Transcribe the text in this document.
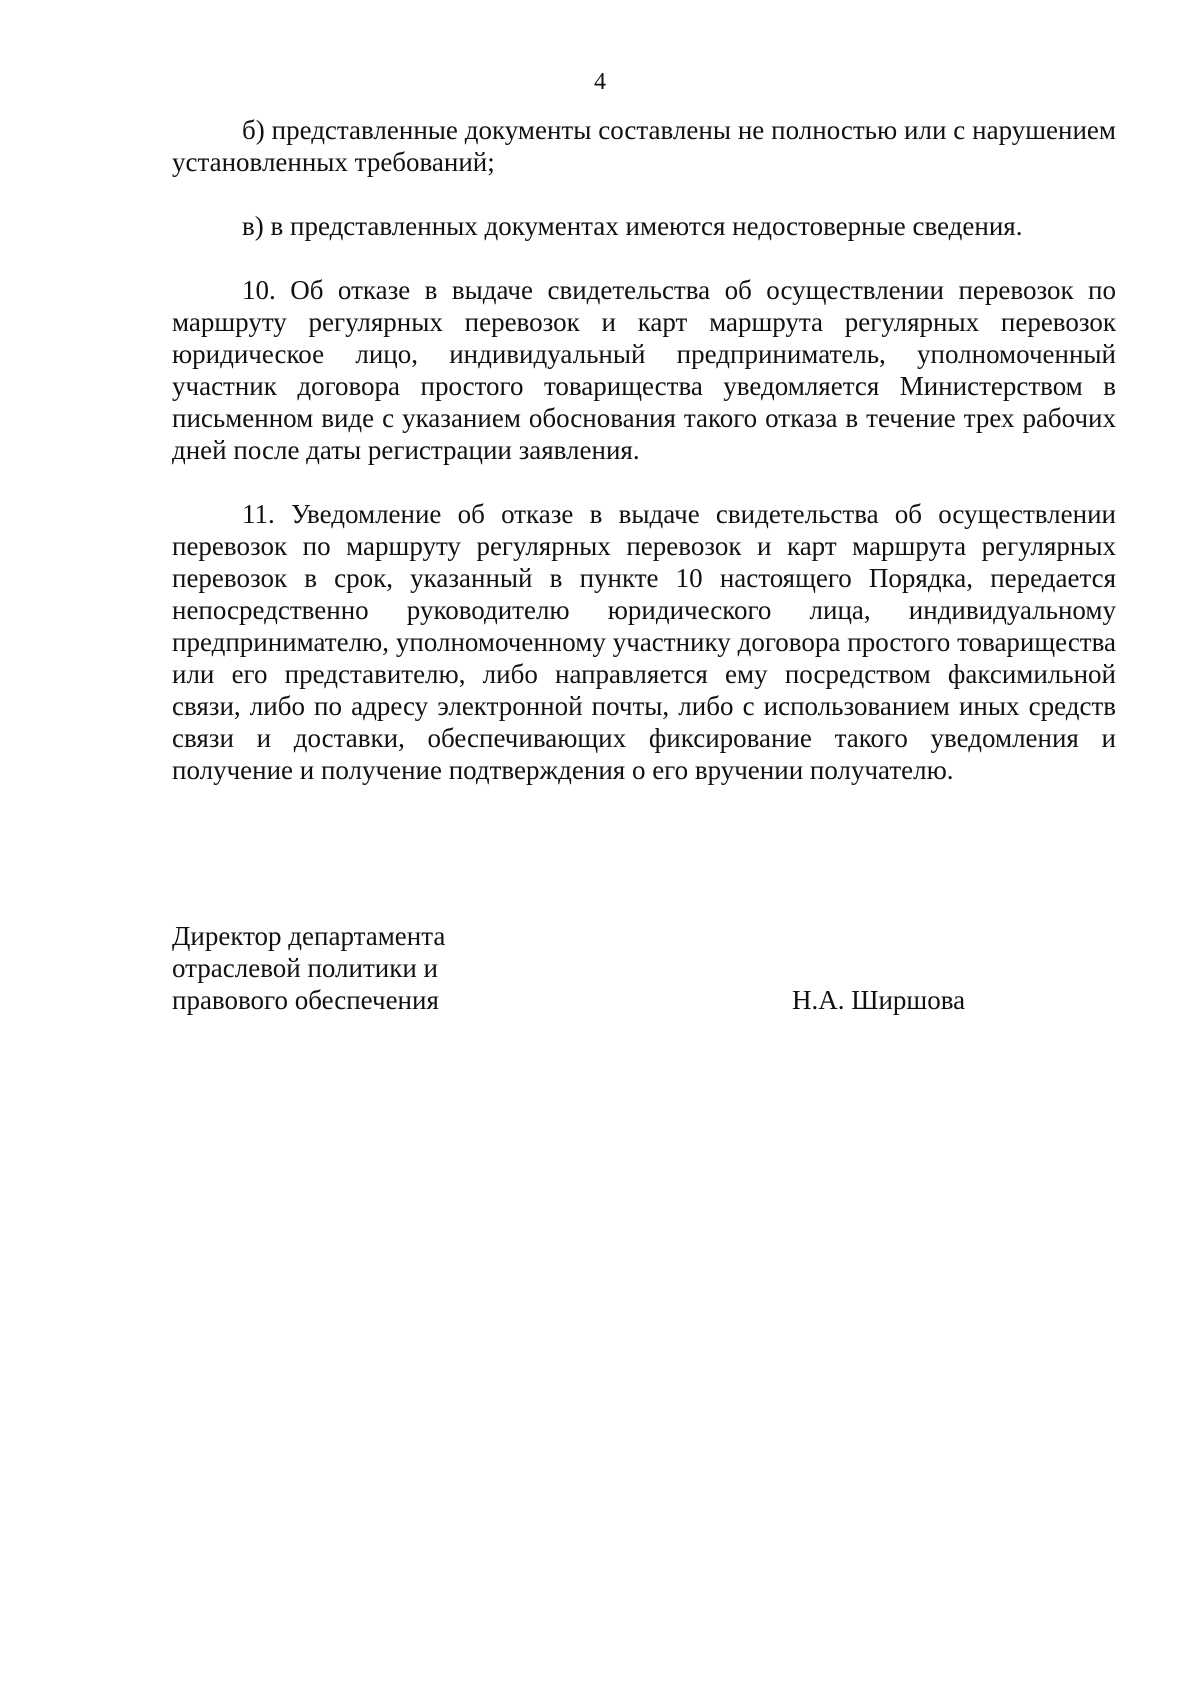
4

б) представленные документы составлены не полностью или с нарушением установленных требований;

в) в представленных документах имеются недостоверные сведения.

10. Об отказе в выдаче свидетельства об осуществлении перевозок по маршруту регулярных перевозок и карт маршрута регулярных перевозок юридическое лицо, индивидуальный предприниматель, уполномоченный участник договора простого товарищества уведомляется Министерством в письменном виде с указанием обоснования такого отказа в течение трех рабочих дней после даты регистрации заявления.

11. Уведомление об отказе в выдаче свидетельства об осуществлении перевозок по маршруту регулярных перевозок и карт маршрута регулярных перевозок в срок, указанный в пункте 10 настоящего Порядка, передается непосредственно руководителю юридического лица, индивидуальному предпринимателю, уполномоченному участнику договора простого товарищества или его представителю, либо направляется ему посредством факсимильной связи, либо по адресу электронной почты, либо с использованием иных средств связи и доставки, обеспечивающих фиксирование такого уведомления и получение и получение подтверждения о его вручении получателю.

Директор департамента
отраслевой политики и
правового обеспечения	Н.А. Ширшова
